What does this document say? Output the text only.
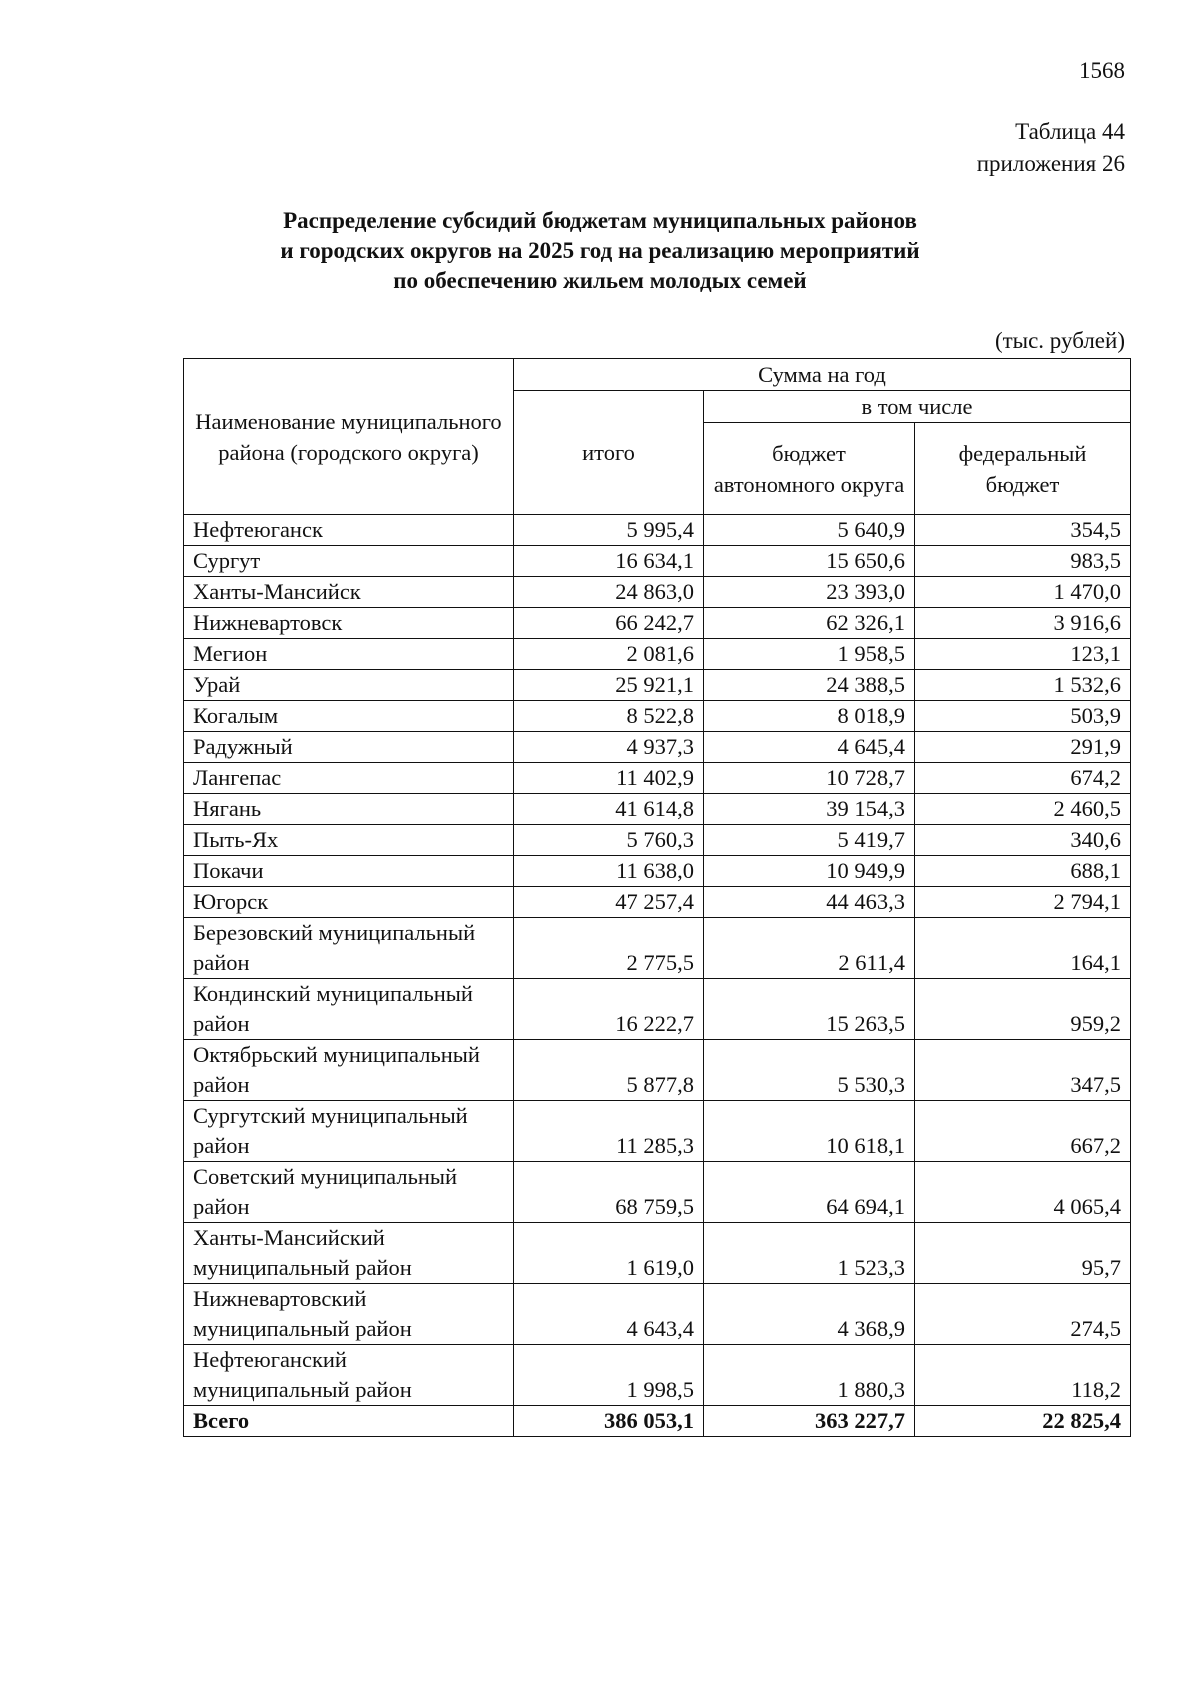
1568
Таблица 44
приложения 26
Распределение субсидий бюджетам муниципальных районов
и городских округов на 2025 год на реализацию мероприятий
по обеспечению жильем молодых семей
(тыс. рублей)
Наименование муниципального района (городского округа)	Сумма на год		
	итого	в том числе	
		бюджет автономного округа	федеральный бюджет
Нефтеюганск	5 995,4	5 640,9	354,5
Сургут	16 634,1	15 650,6	983,5
Ханты-Мансийск	24 863,0	23 393,0	1 470,0
Нижневартовск	66 242,7	62 326,1	3 916,6
Мегион	2 081,6	1 958,5	123,1
Урай	25 921,1	24 388,5	1 532,6
Когалым	8 522,8	8 018,9	503,9
Радужный	4 937,3	4 645,4	291,9
Лангепас	11 402,9	10 728,7	674,2
Нягань	41 614,8	39 154,3	2 460,5
Пыть-Ях	5 760,3	5 419,7	340,6
Покачи	11 638,0	10 949,9	688,1
Югорск	47 257,4	44 463,3	2 794,1
Березовский муниципальный район	2 775,5	2 611,4	164,1
Кондинский муниципальный район	16 222,7	15 263,5	959,2
Октябрьский муниципальный район	5 877,8	5 530,3	347,5
Сургутский муниципальный район	11 285,3	10 618,1	667,2
Советский муниципальный район	68 759,5	64 694,1	4 065,4
Ханты-Мансийский муниципальный район	1 619,0	1 523,3	95,7
Нижневартовский муниципальный район	4 643,4	4 368,9	274,5
Нефтеюганский муниципальный район	1 998,5	1 880,3	118,2
Всего	386 053,1	363 227,7	22 825,4
